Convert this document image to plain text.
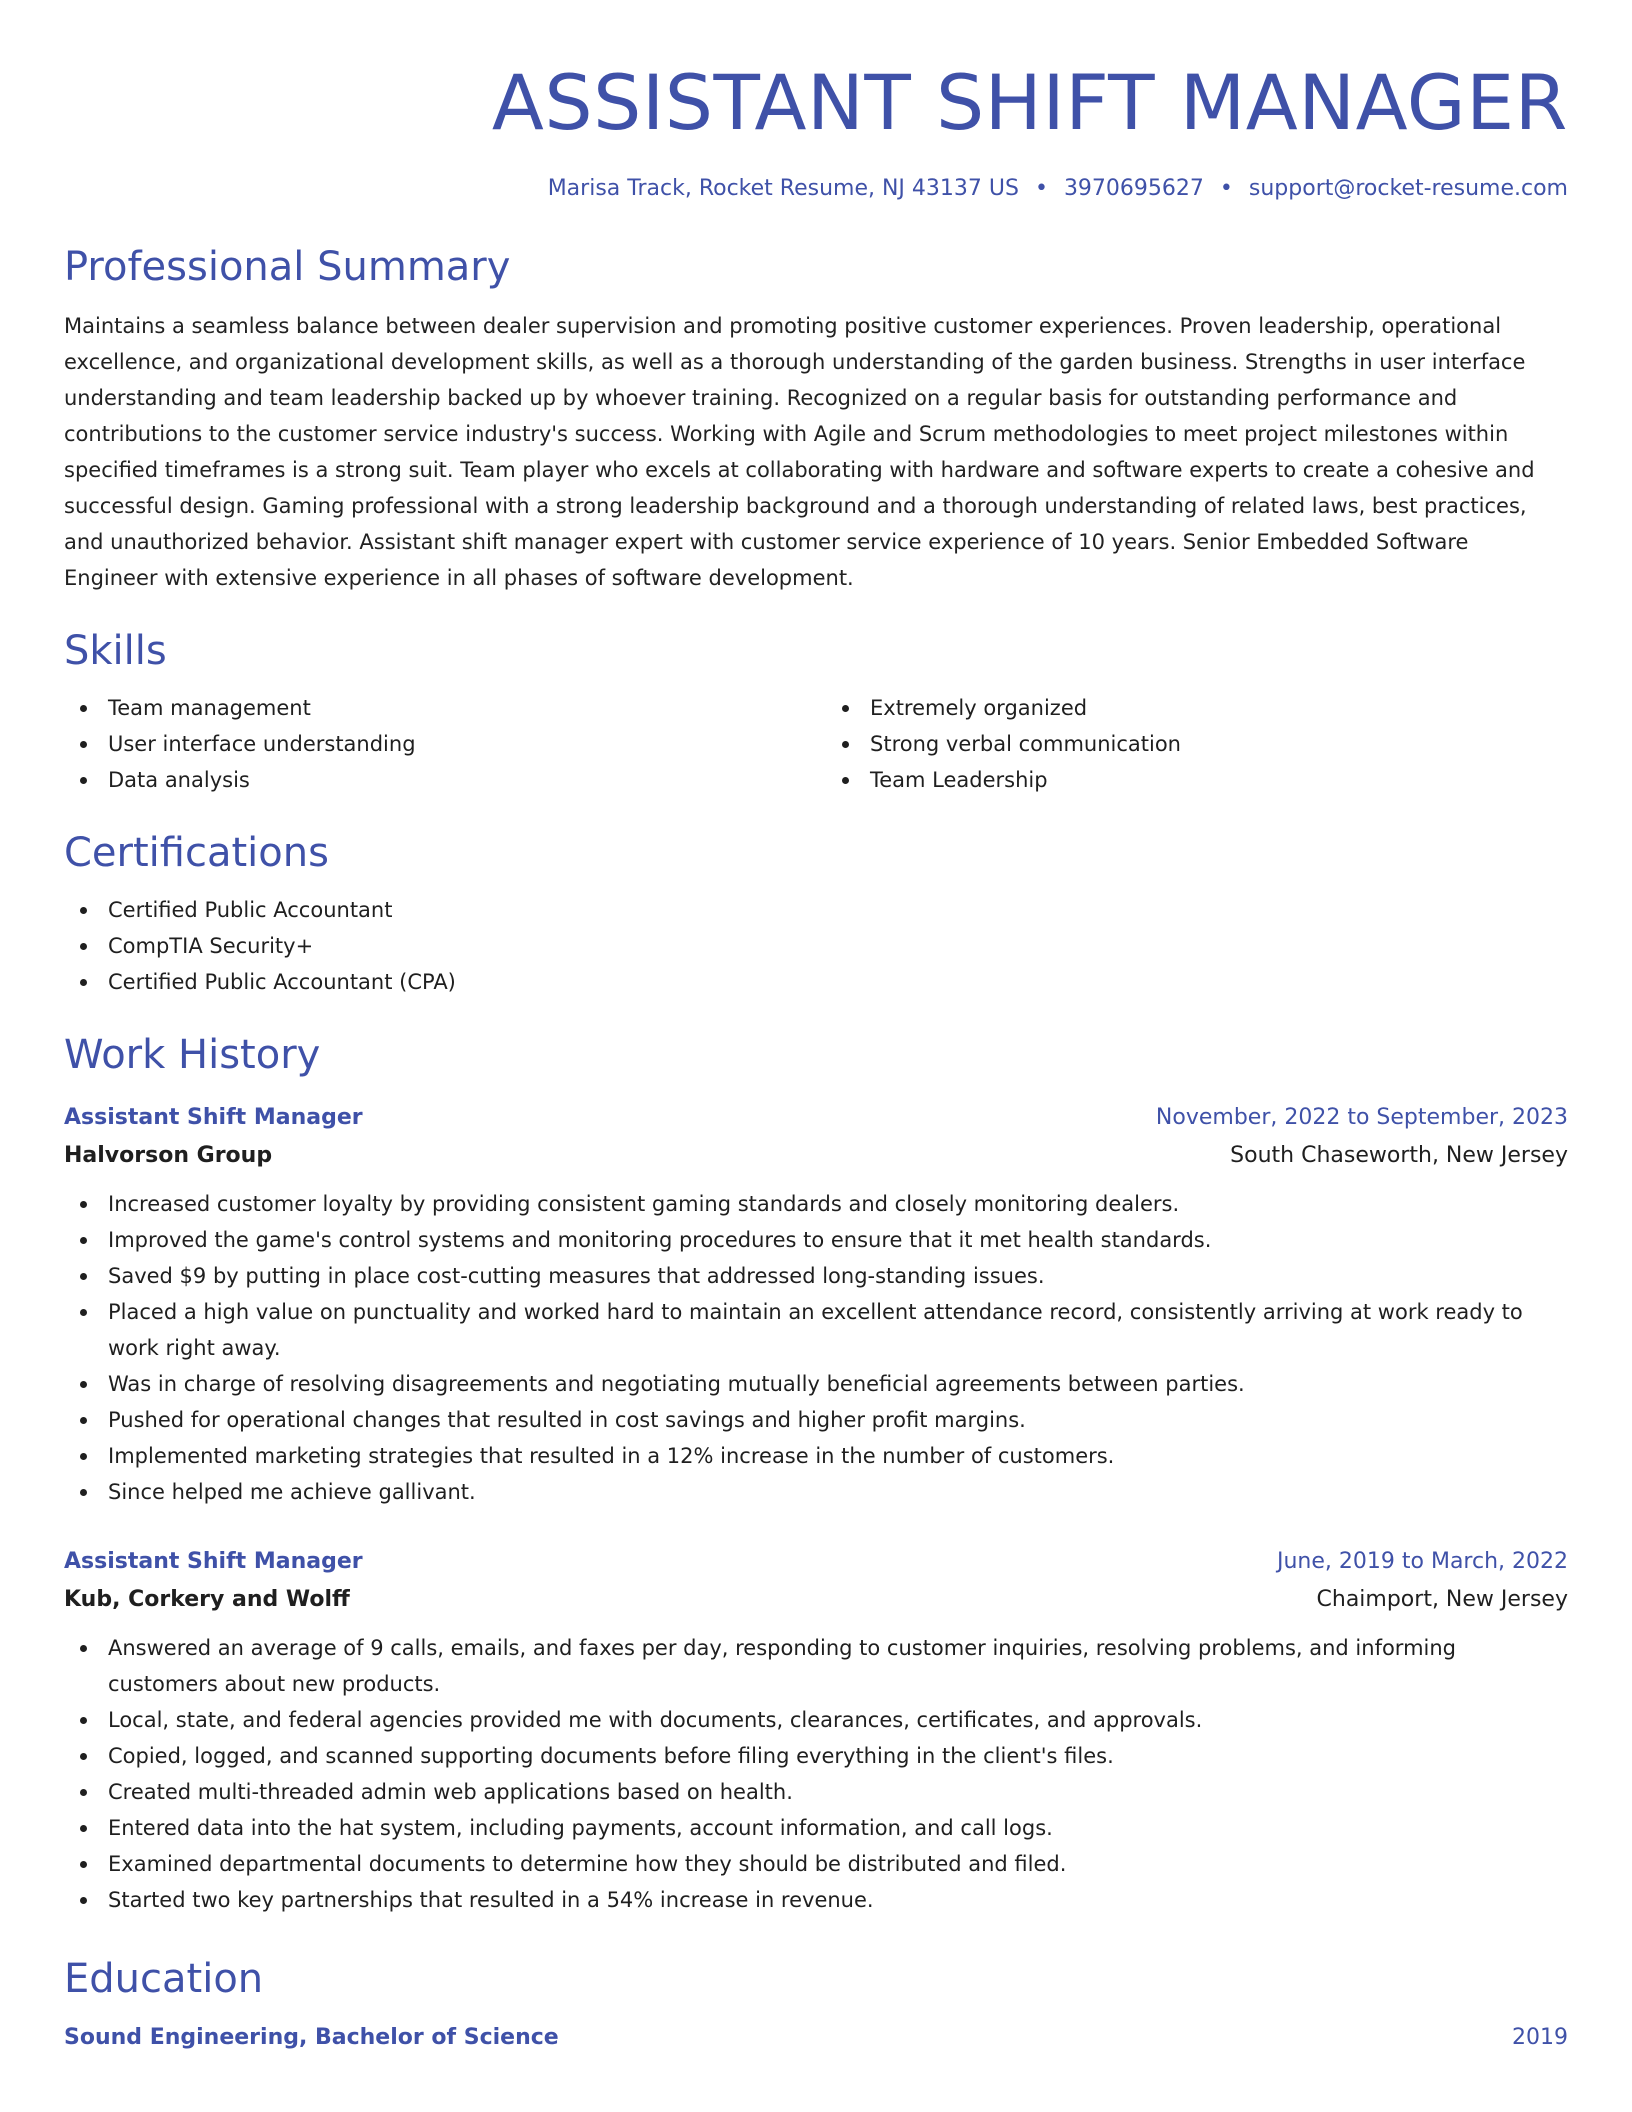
ASSISTANT SHIFT MANAGER
Marisa Track, Rocket Resume, NJ 43137 US • 3970695627 • support@rocket-resume.com
Professional Summary

Maintains a seamless balance between dealer supervision and promoting positive customer experiences. Proven leadership, operational excellence, and organizational development skills, as well as a thorough understanding of the garden business. Strengths in user interface understanding and team leadership backed up by whoever training. Recognized on a regular basis for outstanding performance and contributions to the customer service industry's success. Working with Agile and Scrum methodologies to meet project milestones within specified timeframes is a strong suit. Team player who excels at collaborating with hardware and software experts to create a cohesive and successful design. Gaming professional with a strong leadership background and a thorough understanding of related laws, best practices, and unauthorized behavior. Assistant shift manager expert with customer service experience of 10 years. Senior Embedded Software Engineer with extensive experience in all phases of software development.

Skills
Team management
User interface understanding
Data analysis
Extremely organized
Strong verbal communication
Team Leadership
Certifications
Certified Public Accountant
CompTIA Security+
Certified Public Accountant (CPA)
Work History
Assistant Shift Manager	November, 2022 to September, 2023
Halvorson Group	South Chaseworth, New Jersey
Increased customer loyalty by providing consistent gaming standards and closely monitoring dealers.
Improved the game's control systems and monitoring procedures to ensure that it met health standards.
Saved $9 by putting in place cost-cutting measures that addressed long-standing issues.
Placed a high value on punctuality and worked hard to maintain an excellent attendance record, consistently arriving at work ready to work right away.
Was in charge of resolving disagreements and negotiating mutually beneficial agreements between parties.
Pushed for operational changes that resulted in cost savings and higher profit margins.
Implemented marketing strategies that resulted in a 12% increase in the number of customers.
Since helped me achieve gallivant.
Assistant Shift Manager	June, 2019 to March, 2022
Kub, Corkery and Wolff	Chaimport, New Jersey
Answered an average of 9 calls, emails, and faxes per day, responding to customer inquiries, resolving problems, and informing customers about new products.
Local, state, and federal agencies provided me with documents, clearances, certificates, and approvals.
Copied, logged, and scanned supporting documents before filing everything in the client's files.
Created multi-threaded admin web applications based on health.
Entered data into the hat system, including payments, account information, and call logs.
Examined departmental documents to determine how they should be distributed and filed.
Started two key partnerships that resulted in a 54% increase in revenue.
Education
Sound Engineering, Bachelor of Science	2019
